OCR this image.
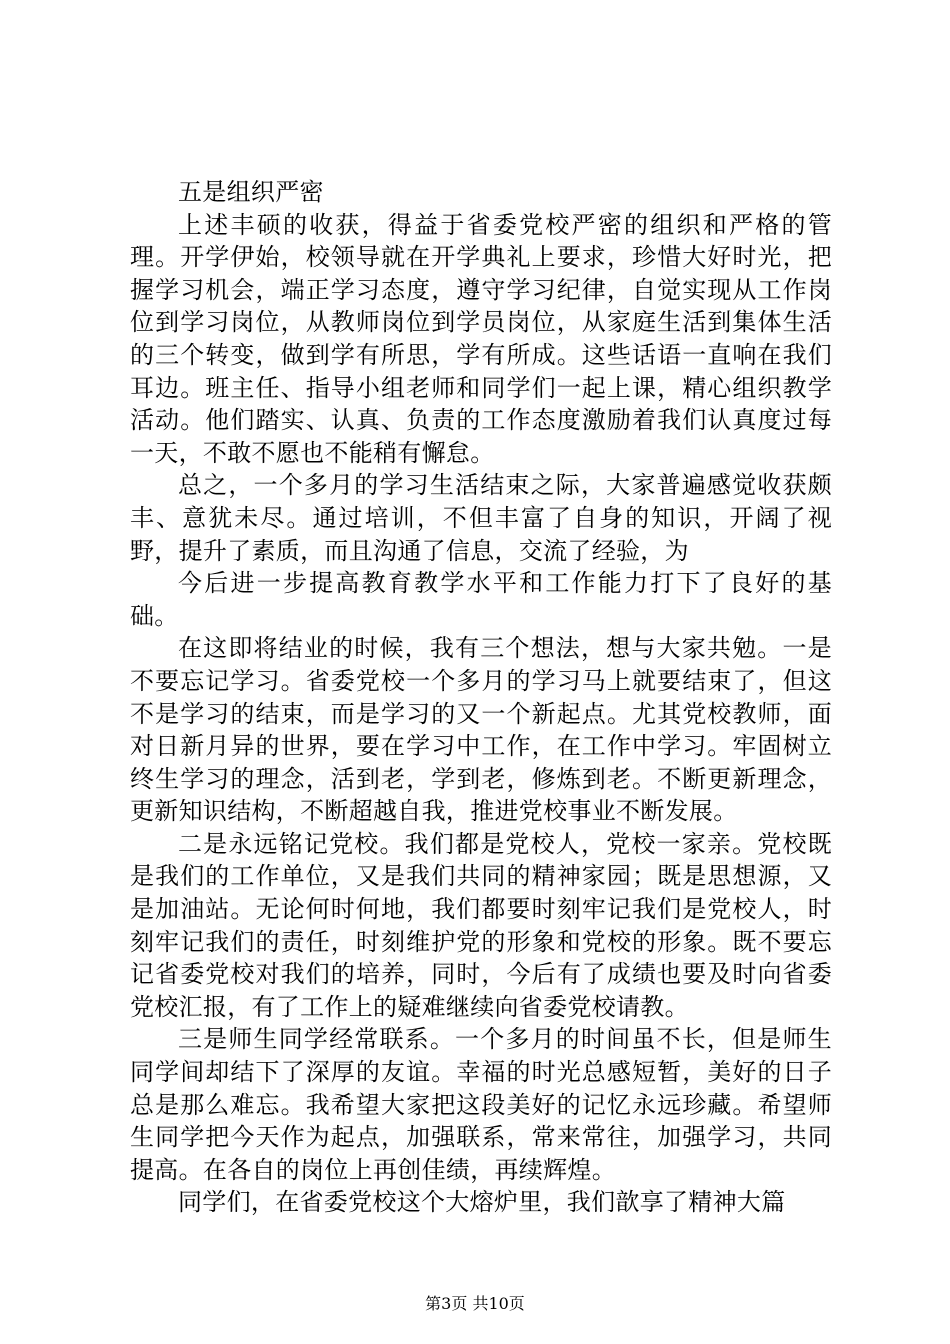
五是组织严密

上述丰硕的收获，得益于省委党校严密的组织和严格的管理。开学伊始，校领导就在开学典礼上要求，珍惜大好时光，把握学习机会，端正学习态度，遵守学习纪律，自觉实现从工作岗位到学习岗位，从教师岗位到学员岗位，从家庭生活到集体生活的三个转变，做到学有所思，学有所成。这些话语一直响在我们耳边。班主任、指导小组老师和同学们一起上课，精心组织教学活动。他们踏实、认真、负责的工作态度激励着我们认真度过每一天，不敢不愿也不能稍有懈怠。

总之，一个多月的学习生活结束之际，大家普遍感觉收获颇丰、意犹未尽。通过培训，不但丰富了自身的知识，开阔了视野，提升了素质，而且沟通了信息，交流了经验，为

今后进一步提高教育教学水平和工作能力打下了良好的基础。

在这即将结业的时候，我有三个想法，想与大家共勉。一是不要忘记学习。省委党校一个多月的学习马上就要结束了，但这不是学习的结束，而是学习的又一个新起点。尤其党校教师，面对日新月异的世界，要在学习中工作，在工作中学习。牢固树立终生学习的理念，活到老，学到老，修炼到老。不断更新理念，更新知识结构，不断超越自我，推进党校事业不断发展。

二是永远铭记党校。我们都是党校人，党校一家亲。党校既是我们的工作单位，又是我们共同的精神家园；既是思想源，又是加油站。无论何时何地，我们都要时刻牢记我们是党校人，时刻牢记我们的责任，时刻维护党的形象和党校的形象。既不要忘记省委党校对我们的培养，同时，今后有了成绩也要及时向省委党校汇报，有了工作上的疑难继续向省委党校请教。

三是师生同学经常联系。一个多月的时间虽不长，但是师生同学间却结下了深厚的友谊。幸福的时光总感短暂，美好的日子总是那么难忘。我希望大家把这段美好的记忆永远珍藏。希望师生同学把今天作为起点，加强联系，常来常往，加强学习，共同提高。在各自的岗位上再创佳绩，再续辉煌。

同学们，在省委党校这个大熔炉里，我们歆享了精神大篇

第3页 共10页
